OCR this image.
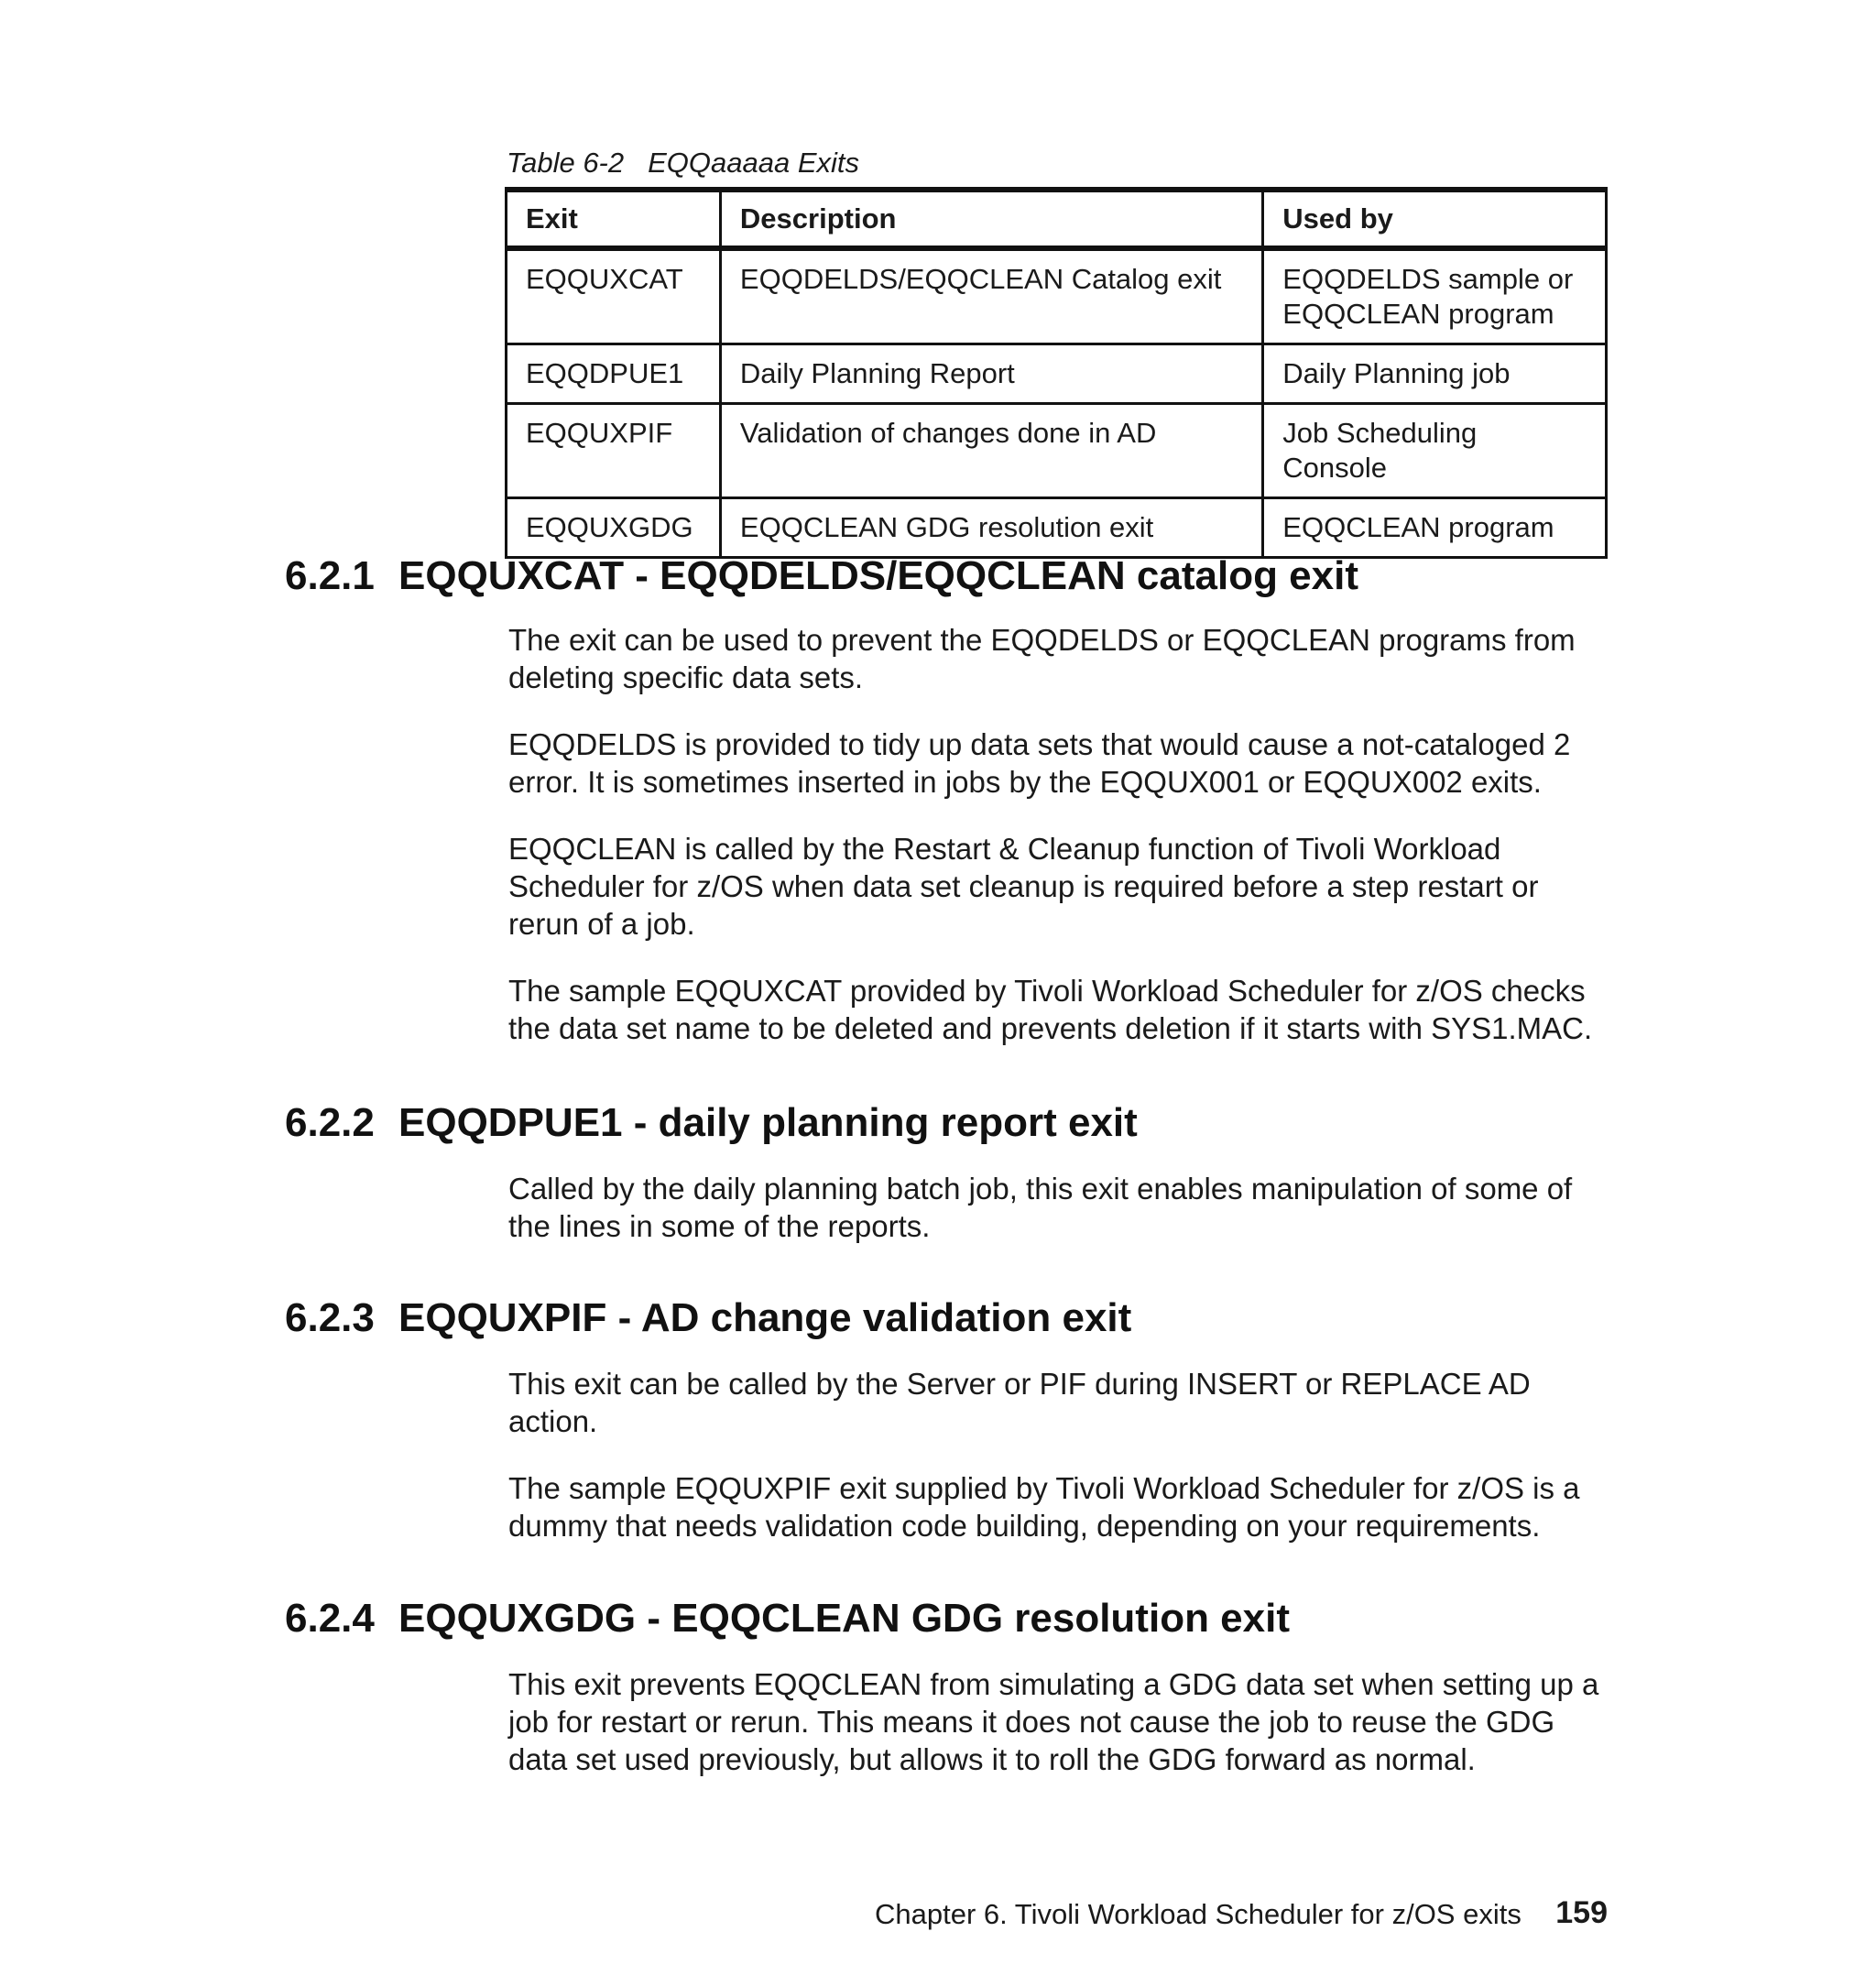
Table 6-2 EQQaaaaa Exits
Exit	Description	Used by
EQQUXCAT	EQQDELDS/EQQCLEAN Catalog exit	EQQDELDS sample or EQQCLEAN program
EQQDPUE1	Daily Planning Report	Daily Planning job
EQQUXPIF	Validation of changes done in AD	Job Scheduling Console
EQQUXGDG	EQQCLEAN GDG resolution exit	EQQCLEAN program
6.2.1 EQQUXCAT - EQQDELDS/EQQCLEAN catalog exit

The exit can be used to prevent the EQQDELDS or EQQCLEAN programs from deleting specific data sets.

EQQDELDS is provided to tidy up data sets that would cause a not-cataloged 2 error. It is sometimes inserted in jobs by the EQQUX001 or EQQUX002 exits.

EQQCLEAN is called by the Restart & Cleanup function of Tivoli Workload Scheduler for z/OS when data set cleanup is required before a step restart or rerun of a job.

The sample EQQUXCAT provided by Tivoli Workload Scheduler for z/OS checks the data set name to be deleted and prevents deletion if it starts with SYS1.MAC.

6.2.2 EQQDPUE1 - daily planning report exit

Called by the daily planning batch job, this exit enables manipulation of some of the lines in some of the reports.

6.2.3 EQQUXPIF - AD change validation exit

This exit can be called by the Server or PIF during INSERT or REPLACE AD action.

The sample EQQUXPIF exit supplied by Tivoli Workload Scheduler for z/OS is a dummy that needs validation code building, depending on your requirements.

6.2.4 EQQUXGDG - EQQCLEAN GDG resolution exit

This exit prevents EQQCLEAN from simulating a GDG data set when setting up a job for restart or rerun. This means it does not cause the job to reuse the GDG data set used previously, but allows it to roll the GDG forward as normal.

Chapter 6. Tivoli Workload Scheduler for z/OS exits 159
